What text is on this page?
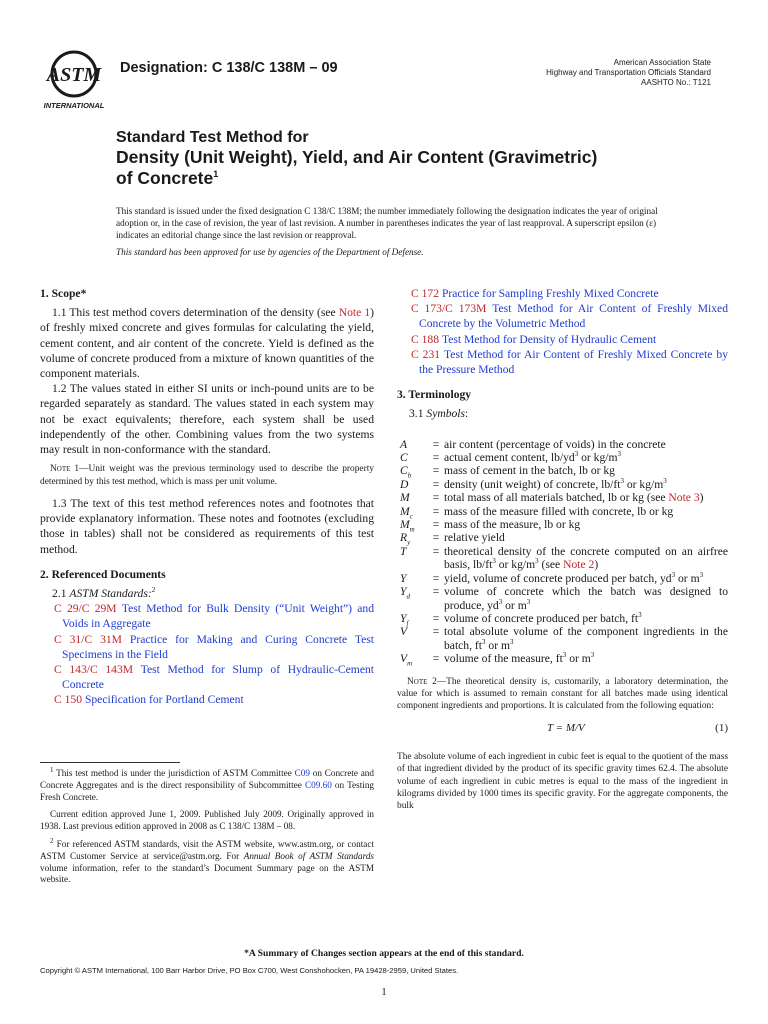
ASTM
INTERNATIONAL
Designation: C 138/C 138M – 09	American Association State
Highway and Transportation Officials Standard
AASHTO No.: T121
Standard Test Method for
Density (Unit Weight), Yield, and Air Content (Gravimetric)
of Concrete$^1$
This standard is issued under the fixed designation C 138/C 138M; the number immediately following the designation indicates the year of original adoption or, in the case of revision, the year of last revision. A number in parentheses indicates the year of last reapproval. A superscript epsilon (ε) indicates an editorial change since the last revision or reapproval.
This standard has been approved for use by agencies of the Department of Defense.
1. Scope*

1.1 This test method covers determination of the density (see Note 1) of freshly mixed concrete and gives formulas for calculating the yield, cement content, and air content of the concrete. Yield is defined as the volume of concrete produced from a mixture of known quantities of the component materials.

1.2 The values stated in either SI units or inch-pound units are to be regarded separately as standard. The values stated in each system may not be exact equivalents; therefore, each system shall be used independently of the other. Combining values from the two systems may result in non-conformance with the standard.

Note 1—Unit weight was the previous terminology used to describe the property determined by this test method, which is mass per unit volume.

1.3 The text of this test method references notes and footnotes that provide explanatory information. These notes and footnotes (excluding those in tables) shall not be considered as requirements of this test method.

2. Referenced Documents

2.1 ASTM Standards:$^2$

C 29/C 29M Test Method for Bulk Density (“Unit Weight”) and Voids in Aggregate

C 31/C 31M Practice for Making and Curing Concrete Test Specimens in the Field

C 143/C 143M Test Method for Slump of Hydraulic-Cement Concrete

C 150 Specification for Portland Cement

$^1$ This test method is under the jurisdiction of ASTM Committee C09 on Concrete and Concrete Aggregates and is the direct responsibility of Subcommittee C09.60 on Testing Fresh Concrete.

Current edition approved June 1, 2009. Published July 2009. Originally approved in 1938. Last previous edition approved in 2008 as C 138/C 138M – 08.

$^2$ For referenced ASTM standards, visit the ASTM website, www.astm.org, or contact ASTM Customer Service at service@astm.org. For Annual Book of ASTM Standards volume information, refer to the standard’s Document Summary page on the ASTM website.

C 172 Practice for Sampling Freshly Mixed Concrete

C 173/C 173M Test Method for Air Content of Freshly Mixed Concrete by the Volumetric Method

C 188 Test Method for Density of Hydraulic Cement

C 231 Test Method for Air Content of Freshly Mixed Concrete by the Pressure Method

3. Terminology

3.1 Symbols:

A	=	air content (percentage of voids) in the concrete
C	=	actual cement content, $lb/yd^3$ or $kg/m^3$
$C_b$	=	mass of cement in the batch, lb or kg
D	=	density (unit weight) of concrete, $lb/ft^3$ or $kg/m^3$
M	=	total mass of all materials batched, lb or kg (see Note 3)
$M_c$	=	mass of the measure filled with concrete, lb or kg
$M_m$	=	mass of the measure, lb or kg
$R_y$	=	relative yield
T	=	theoretical density of the concrete computed on an airfree basis, $lb/ft^3$ or $kg/m^3$ (see Note 2)
Y	=	yield, volume of concrete produced per batch, $yd^3$ or $m^3$
$Y_d$	=	volume of concrete which the batch was designed to produce, $yd^3$ or $m^3$
$Y_f$	=	volume of concrete produced per batch, $ft^3$
V	=	total absolute volume of the component ingredients in the batch, $ft^3$ or $m^3$
$V_m$	=	volume of the measure, $ft^3$ or $m^3$

Note 2—The theoretical density is, customarily, a laboratory determination, the value for which is assumed to remain constant for all batches made using identical component ingredients and proportions. It is calculated from the following equation:

T = M/V	(1)

The absolute volume of each ingredient in cubic feet is equal to the quotient of the mass of that ingredient divided by the product of its specific gravity times 62.4. The absolute volume of each ingredient in cubic metres is equal to the mass of the ingredient in kilograms divided by 1000 times its specific gravity. For the aggregate components, the bulk

*A Summary of Changes section appears at the end of this standard.
Copyright © ASTM International, 100 Barr Harbor Drive, PO Box C700, West Conshohocken, PA 19428-2959, United States.
1
